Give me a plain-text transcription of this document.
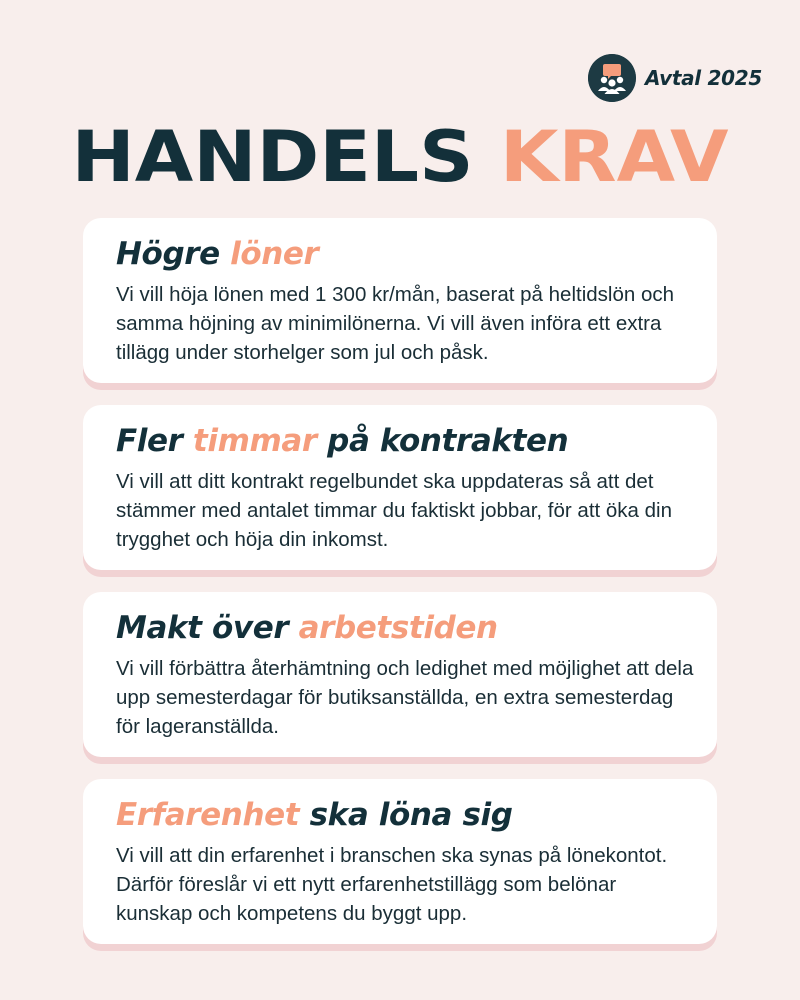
Avtal 2025
HANDELS KRAV
Högre löner

Vi vill höja lönen med 1 300 kr/mån, baserat på heltidslön och samma höjning av minimilönerna. Vi vill även införa ett extra tillägg under storhelger som jul och påsk.

Fler timmar på kontrakten

Vi vill att ditt kontrakt regelbundet ska uppdateras så att det stämmer med antalet timmar du faktiskt jobbar, för att öka din trygghet och höja din inkomst.

Makt över arbetstiden

Vi vill förbättra återhämtning och ledighet med möjlighet att dela upp semesterdagar för butiksanställda, en extra semesterdag för lageranställda.

Erfarenhet ska löna sig

Vi vill att din erfarenhet i branschen ska synas på lönekontot. Därför föreslår vi ett nytt erfarenhetstillägg som belönar kunskap och kompetens du byggt upp.
